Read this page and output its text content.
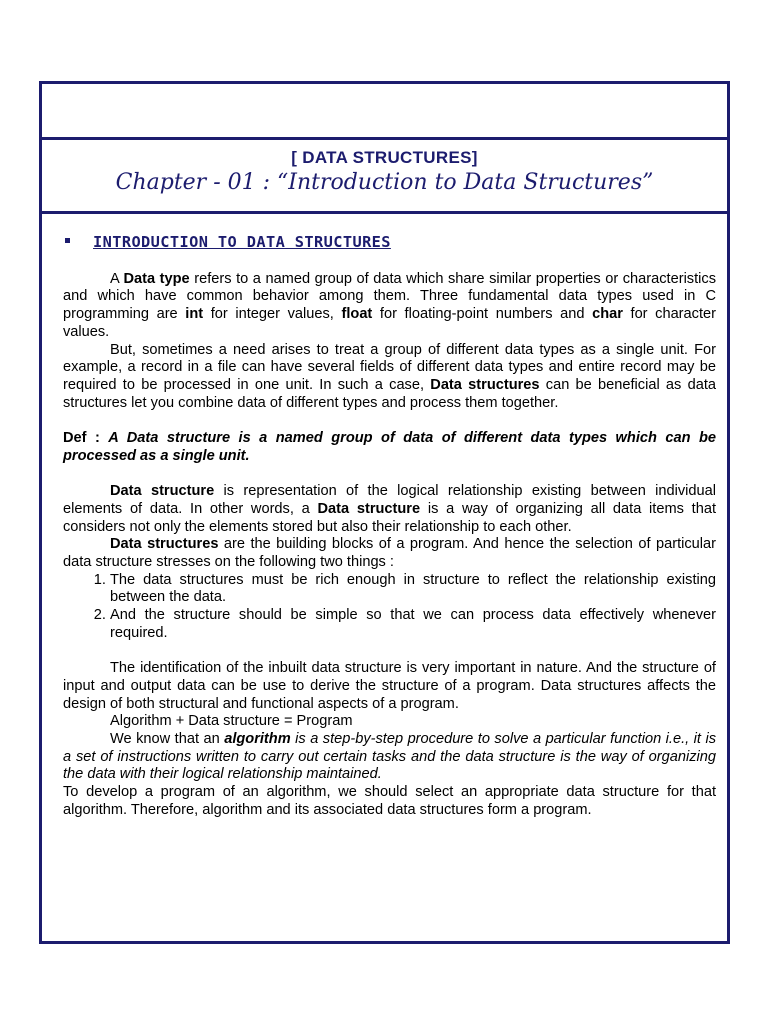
[ DATA STRUCTURES]
Chapter - 01 : “Introduction to Data Structures”
INTRODUCTION TO DATA STRUCTURES

A Data type refers to a named group of data which share similar properties or characteristics and which have common behavior among them. Three fundamental data types used in C programming are int for integer values, float for floating-point numbers and char for character values.

But, sometimes a need arises to treat a group of different data types as a single unit. For example, a record in a file can have several fields of different data types and entire record may be required to be processed in one unit. In such a case, Data structures can be beneficial as data structures let you combine data of different types and process them together.

Def : A Data structure is a named group of data of different data types which can be processed as a single unit.

Data structure is representation of the logical relationship existing between individual elements of data. In other words, a Data structure is a way of organizing all data items that considers not only the elements stored but also their relationship to each other.

Data structures are the building blocks of a program. And hence the selection of particular data structure stresses on the following two things :

1. The data structures must be rich enough in structure to reflect the relationship existing between the data.
2. And the structure should be simple so that we can process data effectively whenever required.

The identification of the inbuilt data structure is very important in nature. And the structure of input and output data can be use to derive the structure of a program. Data structures affects the design of both structural and functional aspects of a program.

Algorithm + Data structure = Program

We know that an algorithm is a step-by-step procedure to solve a particular function i.e., it is a set of instructions written to carry out certain tasks and the data structure is the way of organizing the data with their logical relationship maintained.

To develop a program of an algorithm, we should select an appropriate data structure for that algorithm. Therefore, algorithm and its associated data structures form a program.
